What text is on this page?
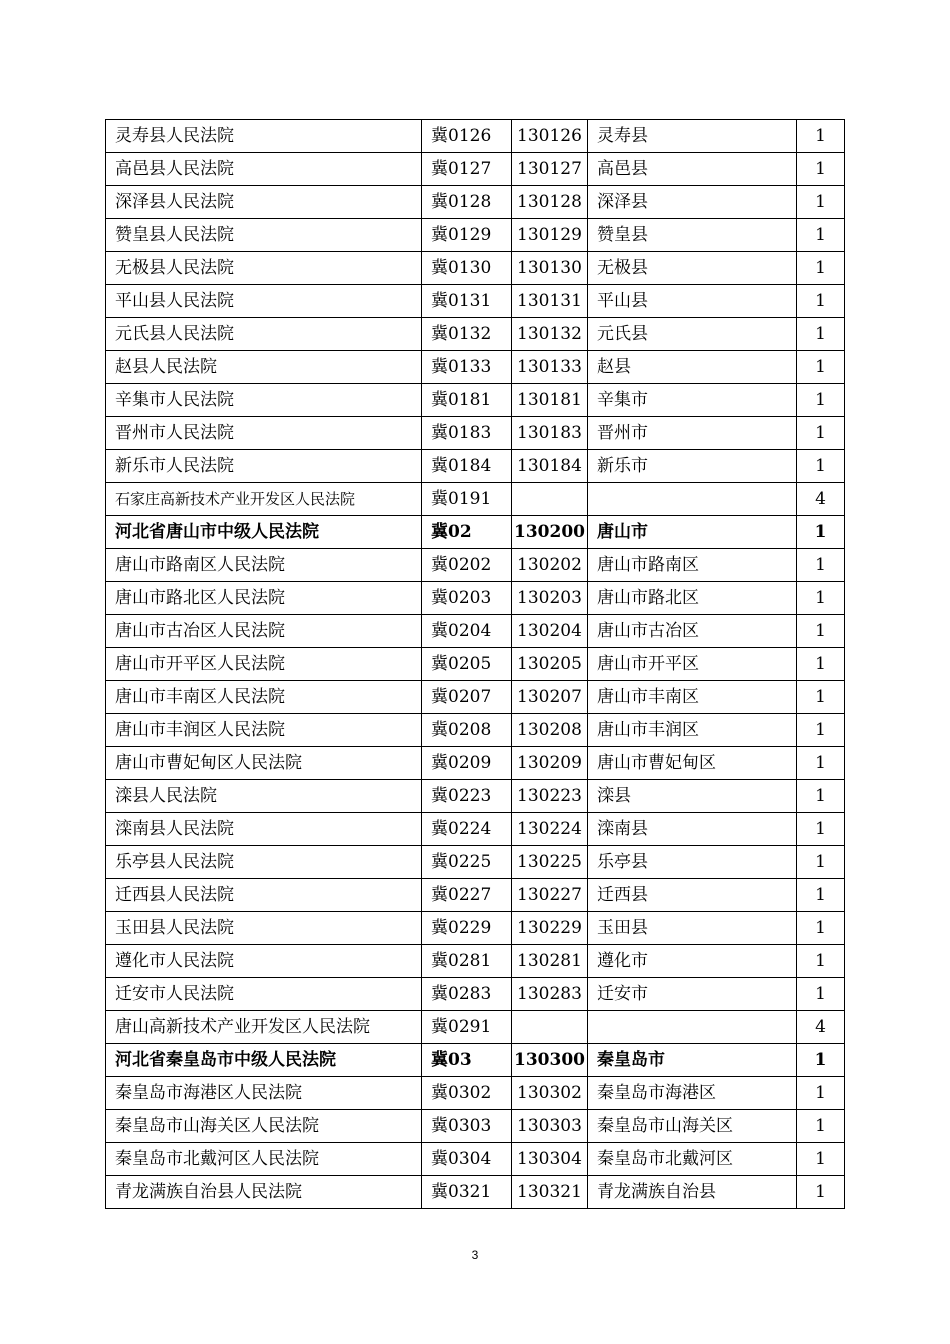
灵寿县人民法院	冀0126	130126	灵寿县	1
高邑县人民法院	冀0127	130127	高邑县	1
深泽县人民法院	冀0128	130128	深泽县	1
赞皇县人民法院	冀0129	130129	赞皇县	1
无极县人民法院	冀0130	130130	无极县	1
平山县人民法院	冀0131	130131	平山县	1
元氏县人民法院	冀0132	130132	元氏县	1
赵县人民法院	冀0133	130133	赵县	1
辛集市人民法院	冀0181	130181	辛集市	1
晋州市人民法院	冀0183	130183	晋州市	1
新乐市人民法院	冀0184	130184	新乐市	1
石家庄高新技术产业开发区人民法院	冀0191			4
河北省唐山市中级人民法院	冀02	130200	唐山市	1
唐山市路南区人民法院	冀0202	130202	唐山市路南区	1
唐山市路北区人民法院	冀0203	130203	唐山市路北区	1
唐山市古冶区人民法院	冀0204	130204	唐山市古冶区	1
唐山市开平区人民法院	冀0205	130205	唐山市开平区	1
唐山市丰南区人民法院	冀0207	130207	唐山市丰南区	1
唐山市丰润区人民法院	冀0208	130208	唐山市丰润区	1
唐山市曹妃甸区人民法院	冀0209	130209	唐山市曹妃甸区	1
滦县人民法院	冀0223	130223	滦县	1
滦南县人民法院	冀0224	130224	滦南县	1
乐亭县人民法院	冀0225	130225	乐亭县	1
迁西县人民法院	冀0227	130227	迁西县	1
玉田县人民法院	冀0229	130229	玉田县	1
遵化市人民法院	冀0281	130281	遵化市	1
迁安市人民法院	冀0283	130283	迁安市	1
唐山高新技术产业开发区人民法院	冀0291			4
河北省秦皇岛市中级人民法院	冀03	130300	秦皇岛市	1
秦皇岛市海港区人民法院	冀0302	130302	秦皇岛市海港区	1
秦皇岛市山海关区人民法院	冀0303	130303	秦皇岛市山海关区	1
秦皇岛市北戴河区人民法院	冀0304	130304	秦皇岛市北戴河区	1
青龙满族自治县人民法院	冀0321	130321	青龙满族自治县	1
3
